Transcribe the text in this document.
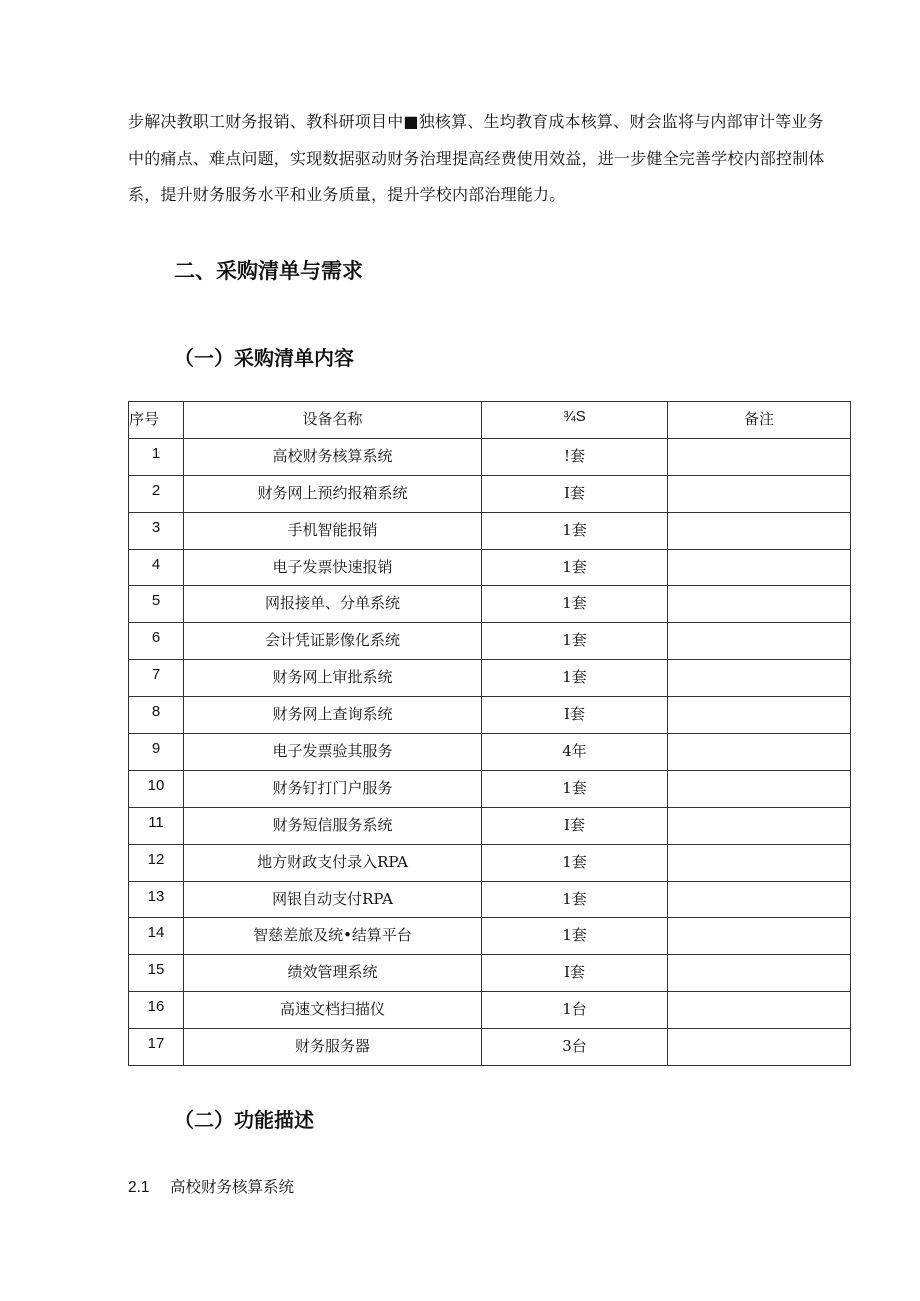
步解决教职工财务报销、教科研项目中■独核算、生均教育成本核算、财会监将与内部审计等业务

中的痛点、难点问题，实现数据驱动财务治理提高经费使用效益，进一步健全完善学校内部控制体

系，提升财务服务水平和业务质量，提升学校内部治理能力。

二、采购清单与需求
（一）采购清单内容
序号	设备名称	¾S	备注

1	高校财务核算系统	!套	

2	财务网上预约报箱系统	I套	

3	手机智能报销	1套	

4	电子发票快速报销	1套	

5	网报接单、分单系统	1套	

6	会计凭证影像化系统	1套	

7	财务网上审批系统	1套	

8	财务网上查询系统	I套	

9	电子发票验其服务	4年	

10	财务钉打门户服务	1套	

11	财务短信服务系统	I套	

12	地方财政支付录入RPA	1套	

13	网银自动支付RPA	1套	

14	智慈差旅及统•结算平台	1套	

15	绩效管理系统	I套	

16	高速文档扫描仪	1台	

17	财务服务器	3台	

（二）功能描述
2.1 高校财务核算系统
